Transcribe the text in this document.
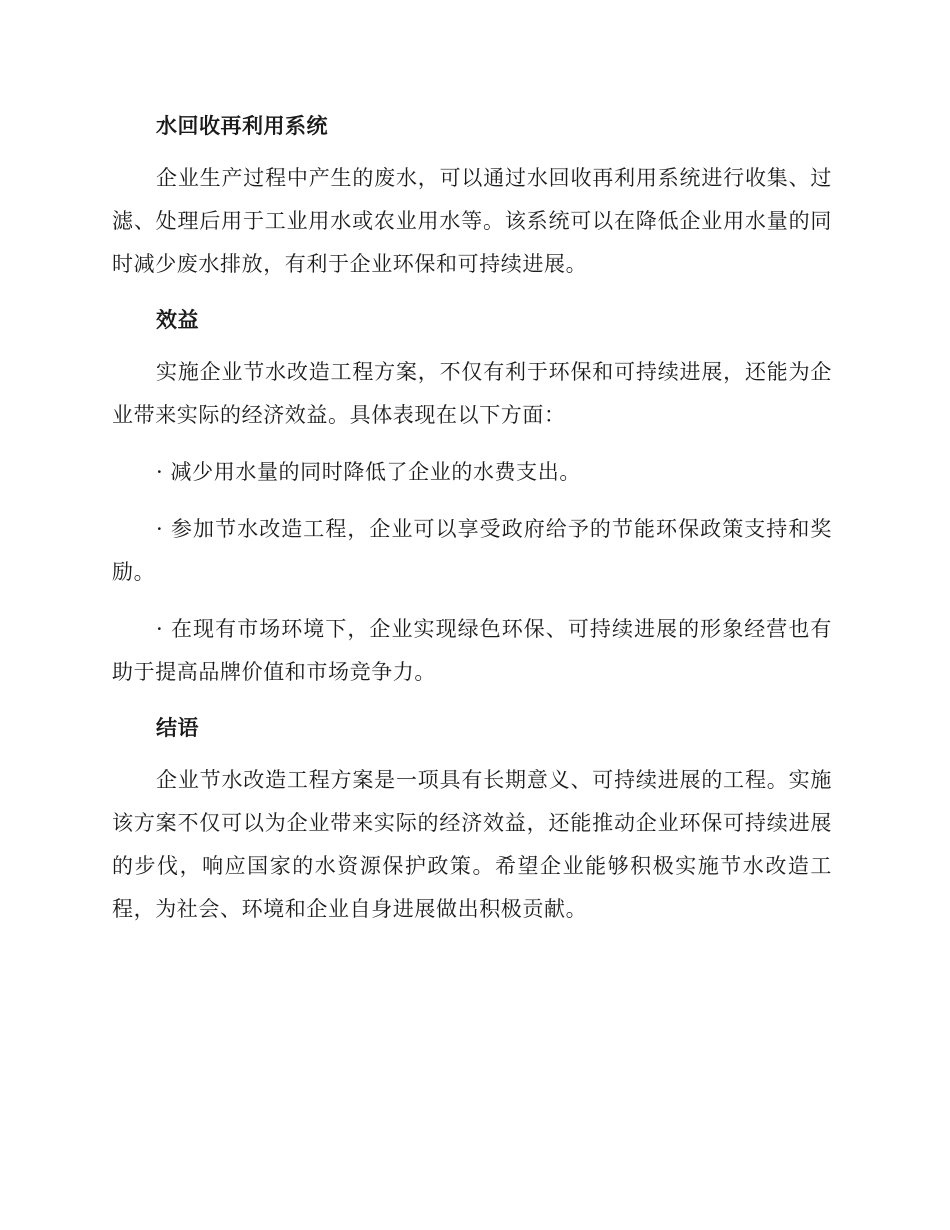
水回收再利用系统

企业生产过程中产生的废水，可以通过水回收再利用系统进行收集、过滤、处理后用于工业用水或农业用水等。该系统可以在降低企业用水量的同时减少废水排放，有利于企业环保和可持续进展。

效益

实施企业节水改造工程方案，不仅有利于环保和可持续进展，还能为企业带来实际的经济效益。具体表现在以下方面：

· 减少用水量的同时降低了企业的水费支出。

· 参加节水改造工程，企业可以享受政府给予的节能环保政策支持和奖励。

· 在现有市场环境下，企业实现绿色环保、可持续进展的形象经营也有助于提高品牌价值和市场竞争力。

结语

企业节水改造工程方案是一项具有长期意义、可持续进展的工程。实施该方案不仅可以为企业带来实际的经济效益，还能推动企业环保可持续进展的步伐，响应国家的水资源保护政策。希望企业能够积极实施节水改造工程，为社会、环境和企业自身进展做出积极贡献。
